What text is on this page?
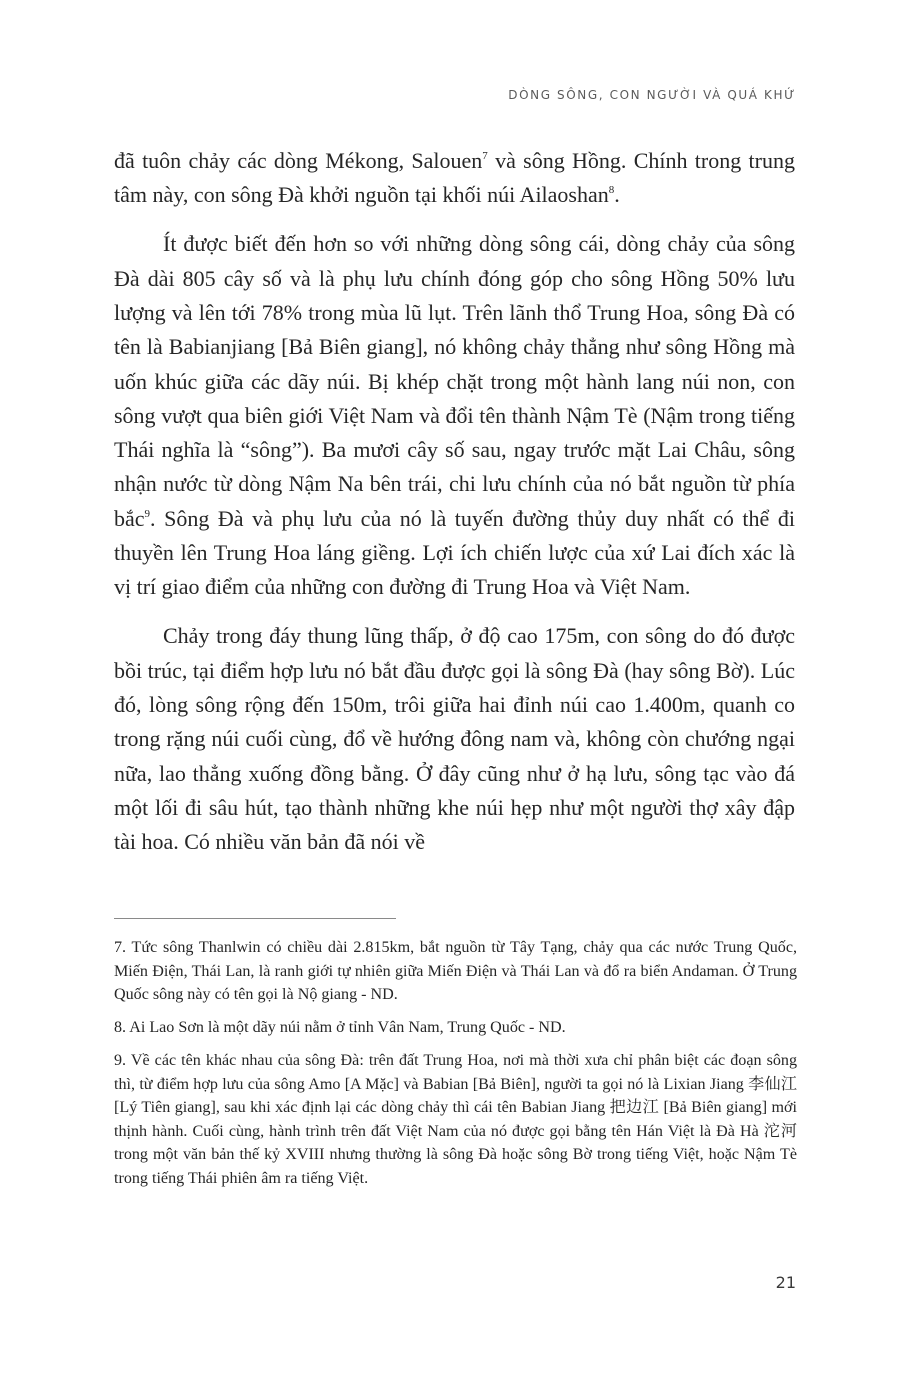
DÒNG SÔNG, CON NGƯỜI VÀ QUÁ KHỨ

đã tuôn chảy các dòng Mékong, Salouen$^7$ và sông Hồng. Chính trong trung tâm này, con sông Đà khởi nguồn tại khối núi Ailaoshan$^8$.

Ít được biết đến hơn so với những dòng sông cái, dòng chảy của sông Đà dài 805 cây số và là phụ lưu chính đóng góp cho sông Hồng 50% lưu lượng và lên tới 78% trong mùa lũ lụt. Trên lãnh thổ Trung Hoa, sông Đà có tên là Babianjiang [Bả Biên giang], nó không chảy thẳng như sông Hồng mà uốn khúc giữa các dãy núi. Bị khép chặt trong một hành lang núi non, con sông vượt qua biên giới Việt Nam và đổi tên thành Nậm Tè (Nậm trong tiếng Thái nghĩa là “sông”). Ba mươi cây số sau, ngay trước mặt Lai Châu, sông nhận nước từ dòng Nậm Na bên trái, chi lưu chính của nó bắt nguồn từ phía bắc$^9$. Sông Đà và phụ lưu của nó là tuyến đường thủy duy nhất có thể đi thuyền lên Trung Hoa láng giềng. Lợi ích chiến lược của xứ Lai đích xác là vị trí giao điểm của những con đường đi Trung Hoa và Việt Nam.

Chảy trong đáy thung lũng thấp, ở độ cao 175m, con sông do đó được bồi trúc, tại điểm hợp lưu nó bắt đầu được gọi là sông Đà (hay sông Bờ). Lúc đó, lòng sông rộng đến 150m, trôi giữa hai đỉnh núi cao 1.400m, quanh co trong rặng núi cuối cùng, đổ về hướng đông nam và, không còn chướng ngại nữa, lao thẳng xuống đồng bằng. Ở đây cũng như ở hạ lưu, sông tạc vào đá một lối đi sâu hút, tạo thành những khe núi hẹp như một người thợ xây đập tài hoa. Có nhiều văn bản đã nói về

7. Tức sông Thanlwin có chiều dài 2.815km, bắt nguồn từ Tây Tạng, chảy qua các nước Trung Quốc, Miến Điện, Thái Lan, là ranh giới tự nhiên giữa Miến Điện và Thái Lan và đổ ra biển Andaman. Ở Trung Quốc sông này có tên gọi là Nộ giang - ND.

8. Ai Lao Sơn là một dãy núi nằm ở tỉnh Vân Nam, Trung Quốc - ND.

9. Về các tên khác nhau của sông Đà: trên đất Trung Hoa, nơi mà thời xưa chỉ phân biệt các đoạn sông thì, từ điểm hợp lưu của sông Amo [A Mặc] và Babian [Bả Biên], người ta gọi nó là Lixian Jiang 李仙江 [Lý Tiên giang], sau khi xác định lại các dòng chảy thì cái tên Babian Jiang 把边江 [Bả Biên giang] mới thịnh hành. Cuối cùng, hành trình trên đất Việt Nam của nó được gọi bằng tên Hán Việt là Đà Hà 沱河 trong một văn bản thế kỷ XVIII nhưng thường là sông Đà hoặc sông Bờ trong tiếng Việt, hoặc Nậm Tè trong tiếng Thái phiên âm ra tiếng Việt.

21
